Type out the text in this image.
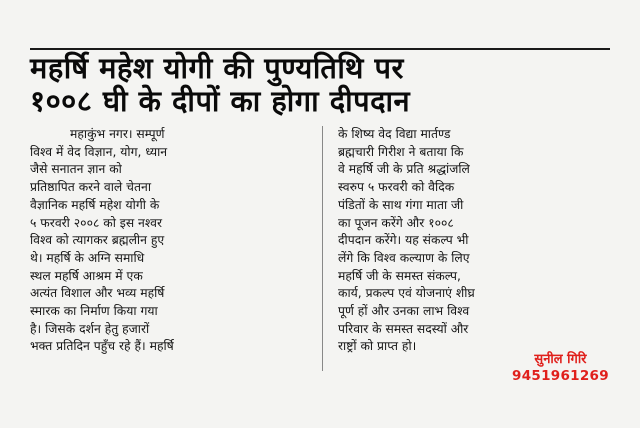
महर्षि महेश योगी की पुण्यतिथि पर
१००८ घी के दीपों का होगा दीपदान
महाकुंभ नगर। सम्पूर्ण
विश्व में वेद विज्ञान, योग, ध्यान
जैसे सनातन ज्ञान को
प्रतिष्ठापित करने वाले चेतना
वैज्ञानिक महर्षि महेश योगी के
५ फरवरी २००८ को इस नश्वर
विश्व को त्यागकर ब्रह्मलीन हुए
थे। महर्षि के अग्नि समाधि
स्थल महर्षि आश्रम में एक
अत्यंत विशाल और भव्य महर्षि
स्मारक का निर्माण किया गया
है। जिसके दर्शन हेतु हजारों
भक्त प्रतिदिन पहुँच रहे हैं। महर्षि
के शिष्य वेद विद्या मार्तण्ड
ब्रह्मचारी गिरीश ने बताया कि
वे महर्षि जी के प्रति श्रद्धांजलि
स्वरुप ५ फरवरी को वैदिक
पंडितों के साथ गंगा माता जी
का पूजन करेंगे और १००८
दीपदान करेंगे। यह संकल्प भी
लेंगे कि विश्व कल्याण के लिए
महर्षि जी के समस्त संकल्प,
कार्य, प्रकल्प एवं योजनाएं शीघ्र
पूर्ण हों और उनका लाभ विश्व
परिवार के समस्त सदस्यों और
राष्ट्रों को प्राप्त हो।
सुनील गिरि
9451961269
